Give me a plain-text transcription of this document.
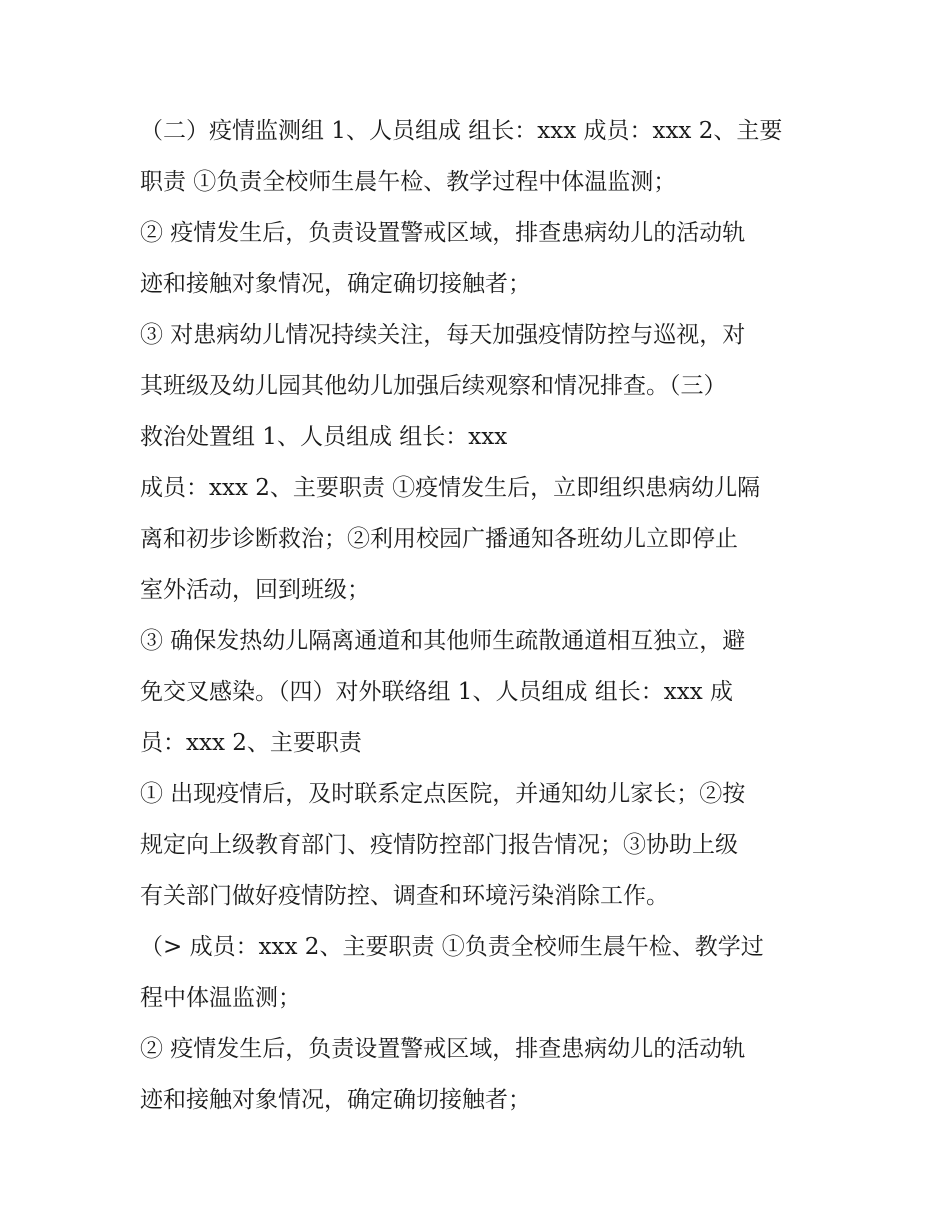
（二）疫情监测组 1、人员组成 组长：xxx 成员：xxx 2、主要
职责 ①负责全校师生晨午检、教学过程中体温监测；
② 疫情发生后，负责设置警戒区域，排查患病幼儿的活动轨
迹和接触对象情况，确定确切接触者；
③ 对患病幼儿情况持续关注，每天加强疫情防控与巡视，对
其班级及幼儿园其他幼儿加强后续观察和情况排查。（三）
救治处置组 1、人员组成 组长：xxx
成员：xxx 2、主要职责 ①疫情发生后，立即组织患病幼儿隔
离和初步诊断救治；②利用校园广播通知各班幼儿立即停止
室外活动，回到班级；
③ 确保发热幼儿隔离通道和其他师生疏散通道相互独立，避
免交叉感染。（四）对外联络组 1、人员组成 组长：xxx 成
员：xxx 2、主要职责
① 出现疫情后，及时联系定点医院，并通知幼儿家长；②按
规定向上级教育部门、疫情防控部门报告情况；③协助上级
有关部门做好疫情防控、调查和环境污染消除工作。
（> 成员：xxx 2、主要职责 ①负责全校师生晨午检、教学过
程中体温监测；
② 疫情发生后，负责设置警戒区域，排查患病幼儿的活动轨
迹和接触对象情况，确定确切接触者；
